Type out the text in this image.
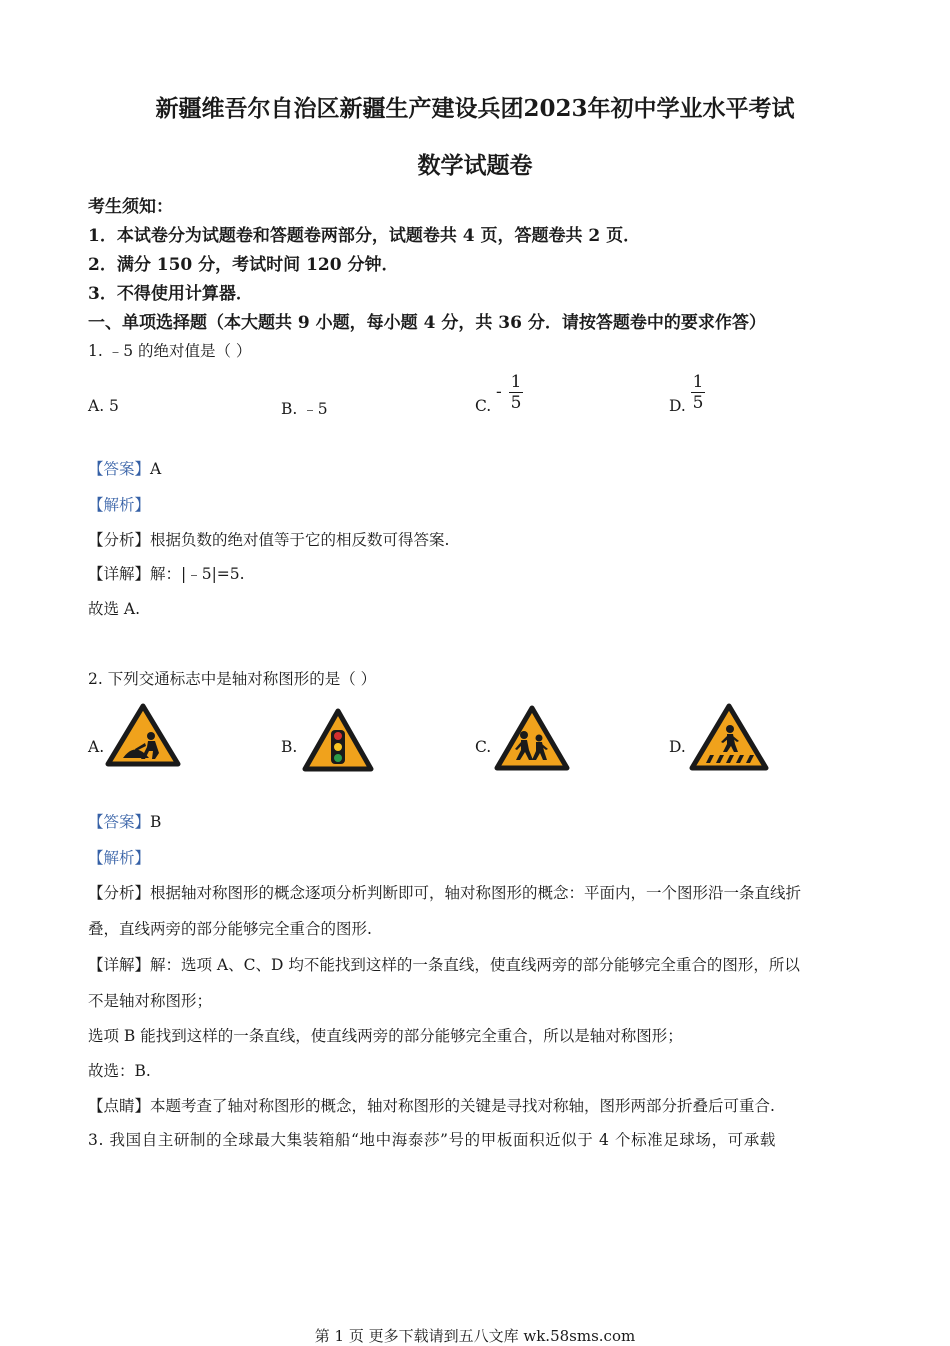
新疆维吾尔自治区新疆生产建设兵团2023年初中学业水平考试
数学试题卷
考生须知：
1．本试卷分为试题卷和答题卷两部分，试题卷共 4 页，答题卷共 2 页．
2．满分 150 分，考试时间 120 分钟．
3．不得使用计算器．
一、单项选择题（本大题共 9 小题，每小题 4 分，共 36 分．请按答题卷中的要求作答）
1. ﹣5 的绝对值是（ ）
A. 5	B. ﹣5	C.
- 1
5	D.
1
5
【答案】A
【解析】
【分析】根据负数的绝对值等于它的相反数可得答案.
【详解】解：|﹣5|=5.
故选 A.
2. 下列交通标志中是轴对称图形的是（ ）
A.	B.	C.	D.
【答案】B
【解析】
【分析】根据轴对称图形的概念逐项分析判断即可，轴对称图形的概念：平面内，一个图形沿一条直线折
叠，直线两旁的部分能够完全重合的图形.
【详解】解：选项 A、C、D 均不能找到这样的一条直线，使直线两旁的部分能够完全重合的图形，所以
不是轴对称图形；
选项 B 能找到这样的一条直线，使直线两旁的部分能够完全重合，所以是轴对称图形；
故选：B.
【点睛】本题考查了轴对称图形的概念，轴对称图形的关键是寻找对称轴，图形两部分折叠后可重合.
3. 我国自主研制的全球最大集装箱船“地中海泰莎”号的甲板面积近似于 4 个标准足球场，可承载
第 1 页 更多下载请到五八文库 wk.58sms.com
